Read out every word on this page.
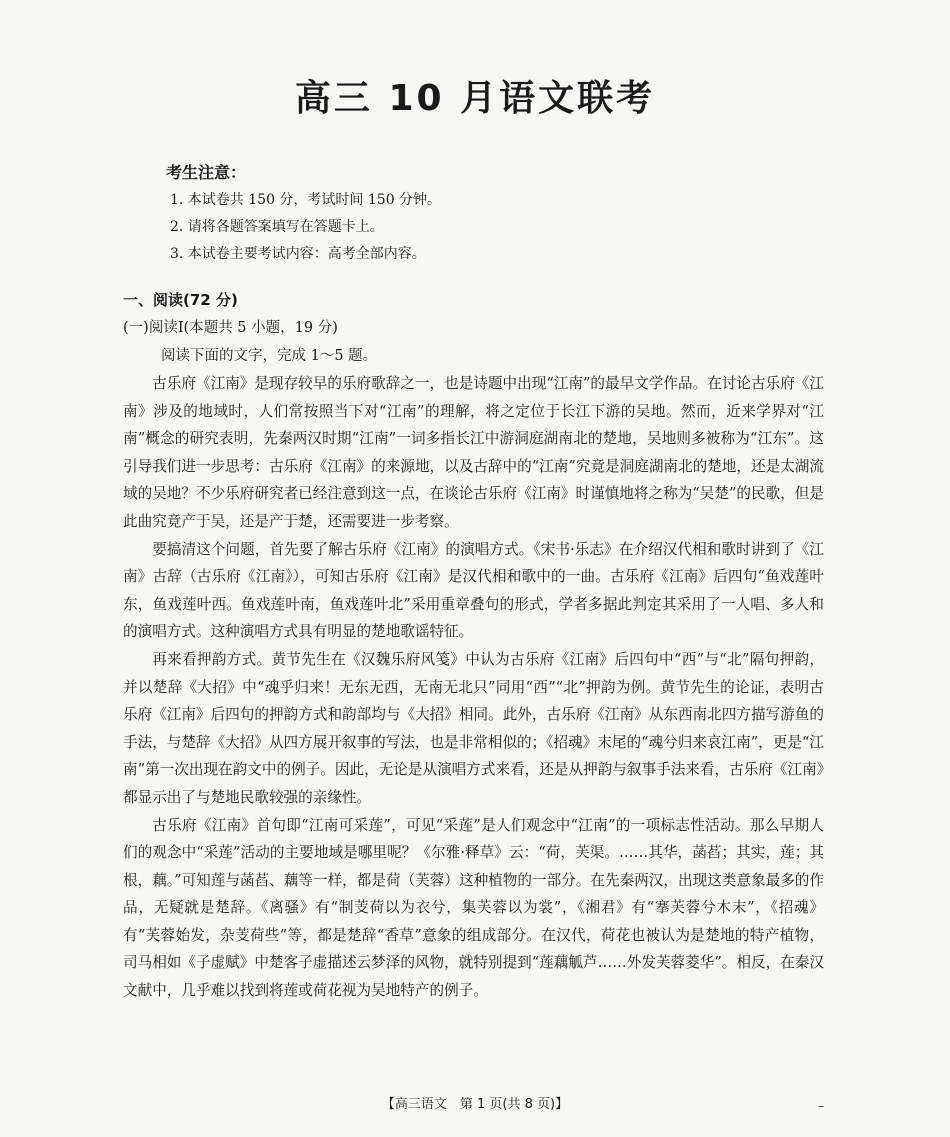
高三 10 月语文联考
考生注意：
1. 本试卷共 150 分，考试时间 150 分钟。
2. 请将各题答案填写在答题卡上。
3. 本试卷主要考试内容：高考全部内容。
一、阅读(72 分)
(一)阅读Ⅰ(本题共 5 小题，19 分)
阅读下面的文字，完成 1～5 题。

古乐府《江南》是现存较早的乐府歌辞之一，也是诗题中出现“江南”的最早文学作品。在讨论古乐府《江南》涉及的地域时，人们常按照当下对“江南”的理解，将之定位于长江下游的吴地。然而，近来学界对“江南”概念的研究表明，先秦两汉时期“江南”一词多指长江中游洞庭湖南北的楚地，吴地则多被称为“江东”。这引导我们进一步思考：古乐府《江南》的来源地，以及古辞中的“江南”究竟是洞庭湖南北的楚地，还是太湖流域的吴地？不少乐府研究者已经注意到这一点，在谈论古乐府《江南》时谨慎地将之称为“吴楚”的民歌，但是此曲究竟产于吴，还是产于楚，还需要进一步考察。

要搞清这个问题，首先要了解古乐府《江南》的演唱方式。《宋书·乐志》在介绍汉代相和歌时讲到了《江南》古辞（古乐府《江南》），可知古乐府《江南》是汉代相和歌中的一曲。古乐府《江南》后四句“鱼戏莲叶东，鱼戏莲叶西。鱼戏莲叶南，鱼戏莲叶北”采用重章叠句的形式，学者多据此判定其采用了一人唱、多人和的演唱方式。这种演唱方式具有明显的楚地歌谣特征。

再来看押韵方式。黄节先生在《汉魏乐府风笺》中认为古乐府《江南》后四句中“西”与“北”隔句押韵，并以楚辞《大招》中“魂乎归来！无东无西，无南无北只”同用“西”“北”押韵为例。黄节先生的论证，表明古乐府《江南》后四句的押韵方式和韵部均与《大招》相同。此外，古乐府《江南》从东西南北四方描写游鱼的手法，与楚辞《大招》从四方展开叙事的写法，也是非常相似的；《招魂》末尾的“魂兮归来哀江南”，更是“江南”第一次出现在韵文中的例子。因此，无论是从演唱方式来看，还是从押韵与叙事手法来看，古乐府《江南》都显示出了与楚地民歌较强的亲缘性。

古乐府《江南》首句即“江南可采莲”，可见“采莲”是人们观念中“江南”的一项标志性活动。那么早期人们的观念中“采莲”活动的主要地域是哪里呢？《尔雅·释草》云：“荷，芙渠。……其华，菡萏；其实，莲；其根，藕。”可知莲与菡萏、藕等一样，都是荷（芙蓉）这种植物的一部分。在先秦两汉，出现这类意象最多的作品，无疑就是楚辞。《离骚》有“制芰荷以为衣兮，集芙蓉以为裳”，《湘君》有“搴芙蓉兮木末”，《招魂》有“芙蓉始发，杂芰荷些”等，都是楚辞“香草”意象的组成部分。在汉代，荷花也被认为是楚地的特产植物，司马相如《子虚赋》中楚客子虚描述云梦泽的风物，就特别提到“莲藕觚芦……外发芙蓉菱华”。相反，在秦汉文献中，几乎难以找到将莲或荷花视为吴地特产的例子。

【高三语文　第 1 页(共 8 页)】	–
